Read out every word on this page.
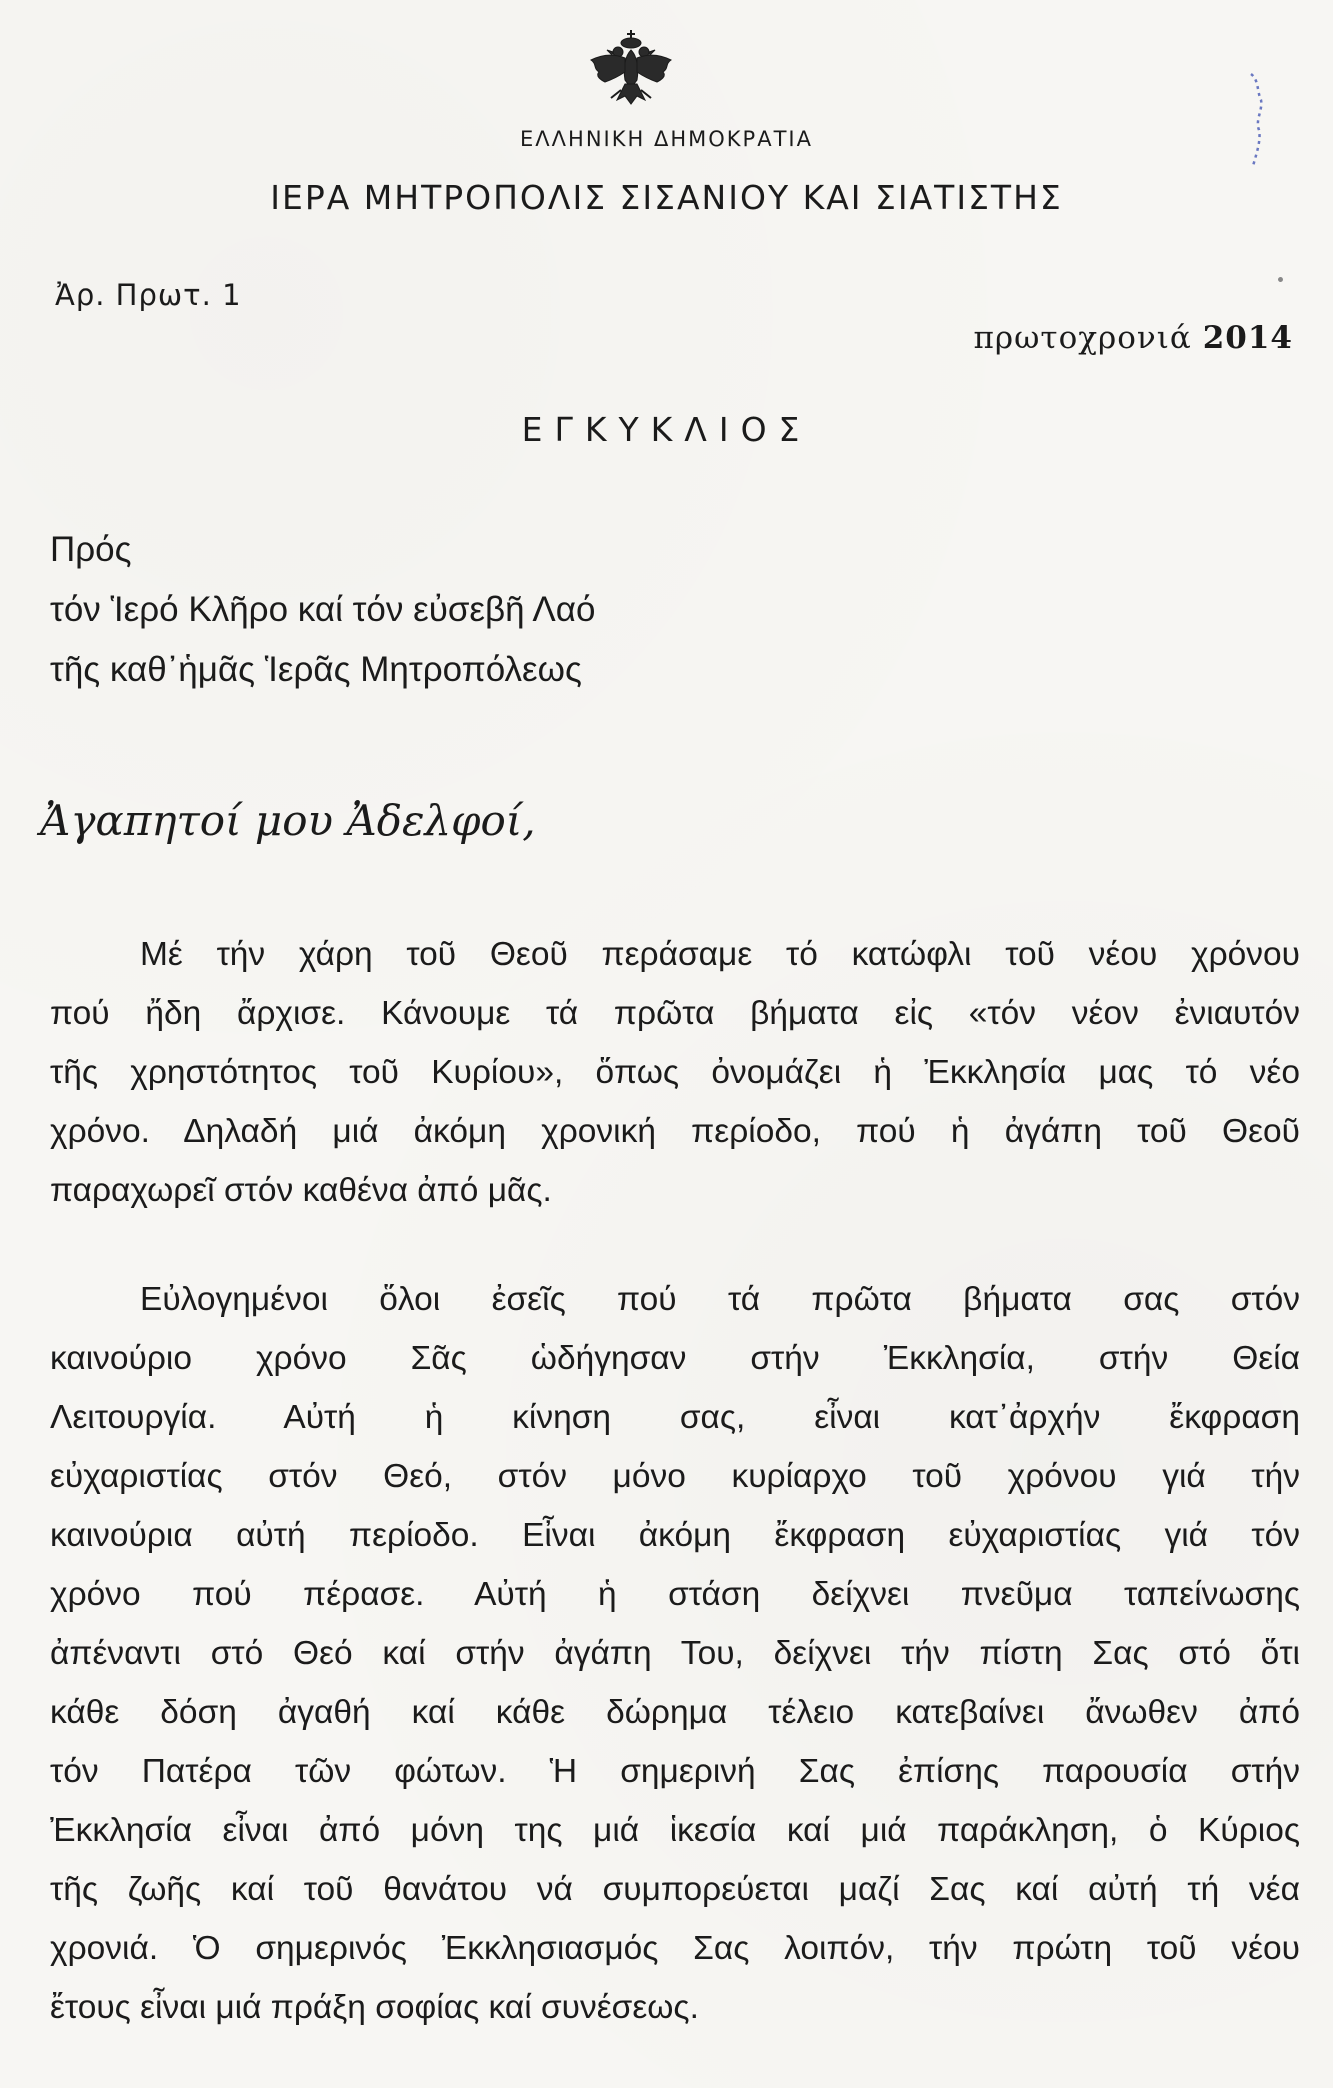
ΕΛΛΗΝΙΚΗ ΔΗΜΟΚΡΑΤΙΑ
ΙΕΡΑ ΜΗΤΡΟΠΟΛΙΣ ΣΙΣΑΝΙΟΥ ΚΑΙ ΣΙΑΤΙΣΤΗΣ
Ἀρ. Πρωτ. 1
πρωτοχρονιά 2014
ΕΓΚΥΚΛΙΟΣ
Πρός
τόν Ἱερό Κλῆρο καί τόν εὐσεβῆ Λαό
τῆς καθ᾽ἡμᾶς Ἱερᾶς Μητροπόλεως
Ἀγαπητοί μου Ἀδελφοί,
Μέ τήν χάρη τοῦ Θεοῦ περάσαμε τό κατώφλι τοῦ νέου χρόνου
πού ἤδη ἄρχισε. Κάνουμε τά πρῶτα βήματα εἰς «τόν νέον ἐνιαυτόν
τῆς χρηστότητος τοῦ Κυρίου», ὅπως ὀνομάζει ἡ Ἐκκλησία μας τό νέο
χρόνο. Δηλαδή μιά ἀκόμη χρονική περίοδο, πού ἡ ἀγάπη τοῦ Θεοῦ
παραχωρεῖ στόν καθένα ἀπό μᾶς.
Εὐλογημένοι ὅλοι ἐσεῖς πού τά πρῶτα βήματα σας στόν
καινούριο χρόνο Σᾶς ὡδήγησαν στήν Ἐκκλησία, στήν Θεία
Λειτουργία. Αὐτή ἡ κίνηση σας, εἶναι κατ᾽ἀρχήν ἔκφραση
εὐχαριστίας στόν Θεό, στόν μόνο κυρίαρχο τοῦ χρόνου γιά τήν
καινούρια αὐτή περίοδο. Εἶναι ἀκόμη ἔκφραση εὐχαριστίας γιά τόν
χρόνο πού πέρασε. Αὐτή ἡ στάση δείχνει πνεῦμα ταπείνωσης
ἀπέναντι στό Θεό καί στήν ἀγάπη Του, δείχνει τήν πίστη Σας στό ὅτι
κάθε δόση ἀγαθή καί κάθε δώρημα τέλειο κατεβαίνει ἄνωθεν ἀπό
τόν Πατέρα τῶν φώτων. Ἡ σημερινή Σας ἐπίσης παρουσία στήν
Ἐκκλησία εἶναι ἀπό μόνη της μιά ἱκεσία καί μιά παράκληση, ὁ Κύριος
τῆς ζωῆς καί τοῦ θανάτου νά συμπορεύεται μαζί Σας καί αὐτή τή νέα
χρονιά. Ὁ σημερινός Ἐκκλησιασμός Σας λοιπόν, τήν πρώτη τοῦ νέου
ἔτους εἶναι μιά πράξη σοφίας καί συνέσεως.
